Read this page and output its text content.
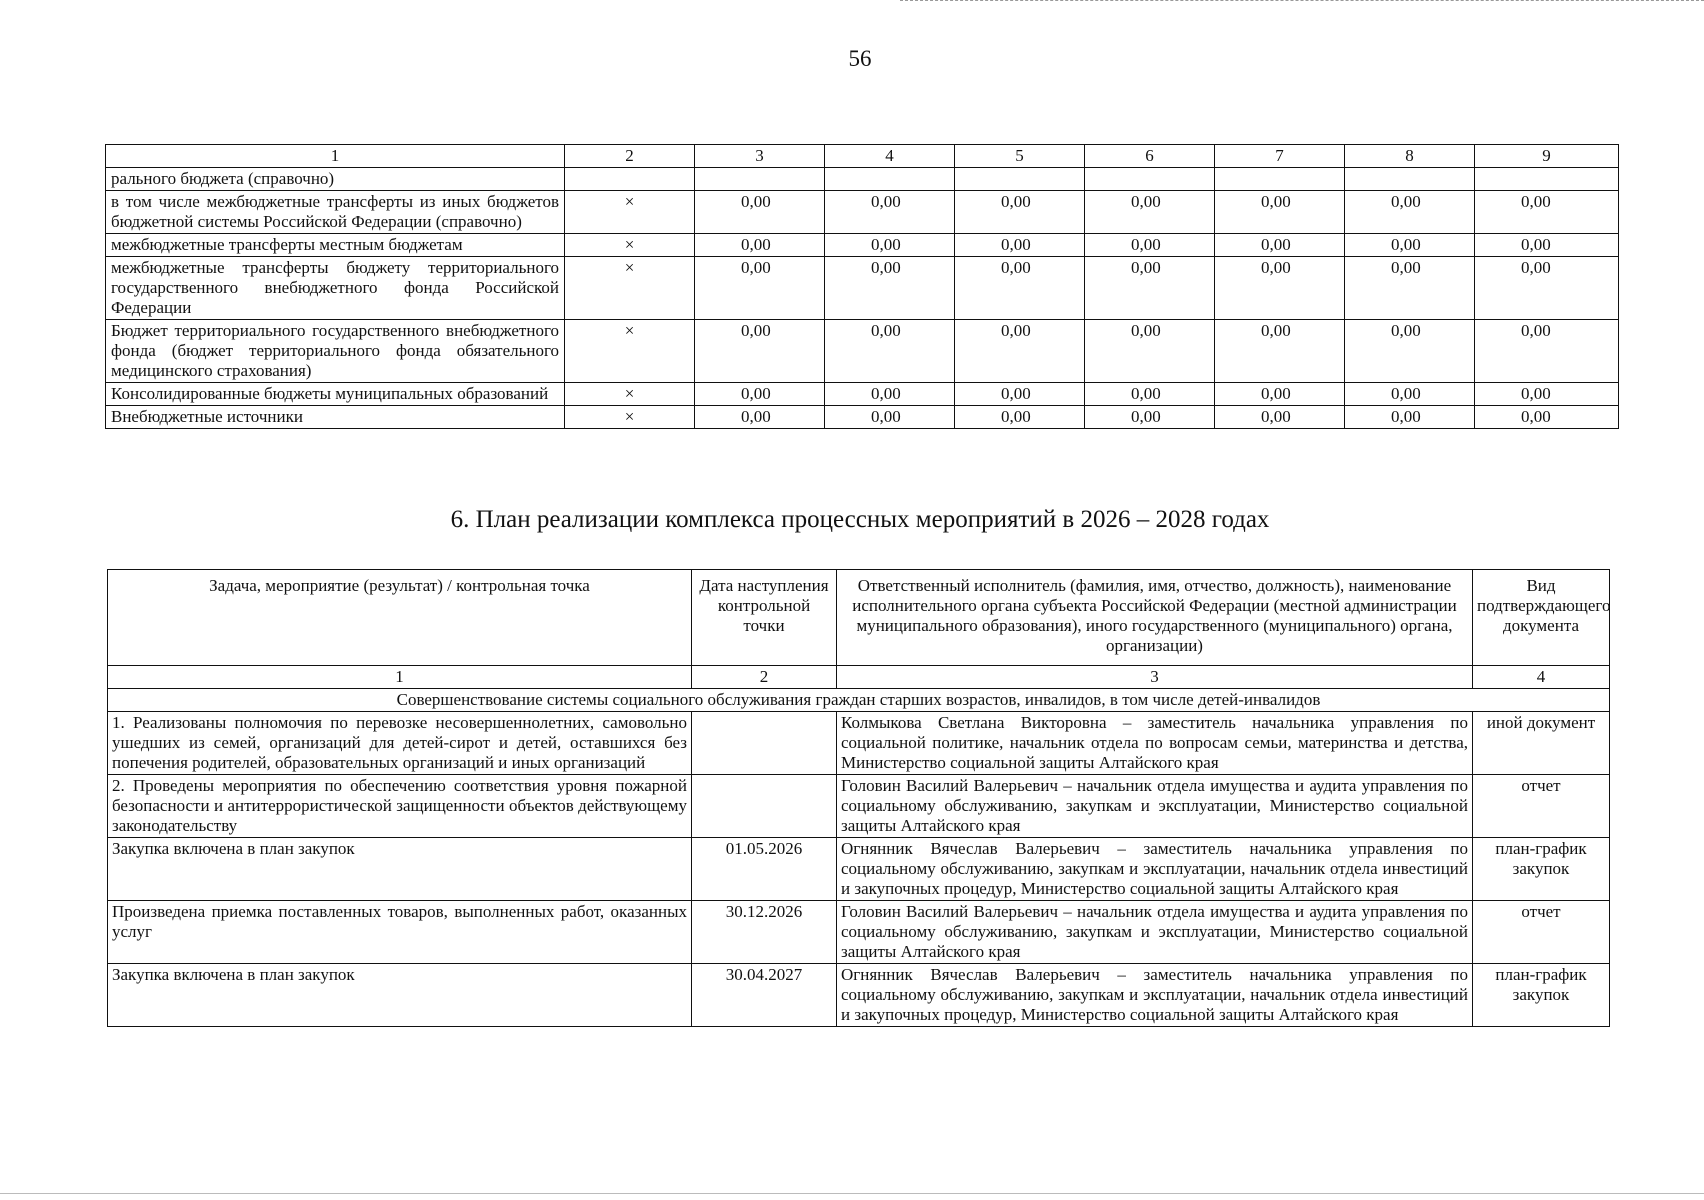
56
1	2	3	4	5	6	7	8	9
рального бюджета (справочно)								
в том числе межбюджетные трансферты из иных бюджетов бюджетной системы Российской Федерации (справочно)	×	0,00	0,00	0,00	0,00	0,00	0,00	0,00
межбюджетные трансферты местным бюджетам	×	0,00	0,00	0,00	0,00	0,00	0,00	0,00
межбюджетные трансферты бюджету территориального государственного внебюджетного фонда Российской Федерации	×	0,00	0,00	0,00	0,00	0,00	0,00	0,00
Бюджет территориального государственного внебюджетного фонда (бюджет территориального фонда обязательного медицинского страхования)	×	0,00	0,00	0,00	0,00	0,00	0,00	0,00
Консолидированные бюджеты муниципальных образований	×	0,00	0,00	0,00	0,00	0,00	0,00	0,00
Внебюджетные источники	×	0,00	0,00	0,00	0,00	0,00	0,00	0,00
6. План реализации комплекса процессных мероприятий в 2026 – 2028 годах
Задача, мероприятие (результат) / контрольная точка	Дата наступления контрольной точки	Ответственный исполнитель (фамилия, имя, отчество, должность), наименование исполнительного органа субъекта Российской Федерации (местной администрации муниципального образования), иного государственного (муниципального) органа, организации)	Вид подтверждающего документа
1	2	3	4
Совершенствование системы социального обслуживания граждан старших возрастов, инвалидов, в том числе детей-инвалидов			
1. Реализованы полномочия по перевозке несовершеннолетних, самовольно ушедших из семей, организаций для детей-сирот и детей, оставшихся без попечения родителей, образовательных организаций и иных организаций		Колмыкова Светлана Викторовна – заместитель начальника управления по социальной политике, начальник отдела по вопросам семьи, материнства и детства, Министерство социальной защиты Алтайского края	иной документ
2. Проведены мероприятия по обеспечению соответствия уровня пожарной безопасности и антитеррористической защищенности объектов действующему законодательству		Головин Василий Валерьевич – начальник отдела имущества и аудита управления по социальному обслуживанию, закупкам и эксплуатации, Министерство социальной защиты Алтайского края	отчет
Закупка включена в план закупок	01.05.2026	Огнянник Вячеслав Валерьевич – заместитель начальника управления по социальному обслуживанию, закупкам и эксплуатации, начальник отдела инвестиций и закупочных процедур, Министерство социальной защиты Алтайского края	план-график закупок
Произведена приемка поставленных товаров, выполненных работ, оказанных услуг	30.12.2026	Головин Василий Валерьевич – начальник отдела имущества и аудита управления по социальному обслуживанию, закупкам и эксплуатации, Министерство социальной защиты Алтайского края	отчет
Закупка включена в план закупок	30.04.2027	Огнянник Вячеслав Валерьевич – заместитель начальника управления по социальному обслуживанию, закупкам и эксплуатации, начальник отдела инвестиций и закупочных процедур, Министерство социальной защиты Алтайского края	план-график закупок
